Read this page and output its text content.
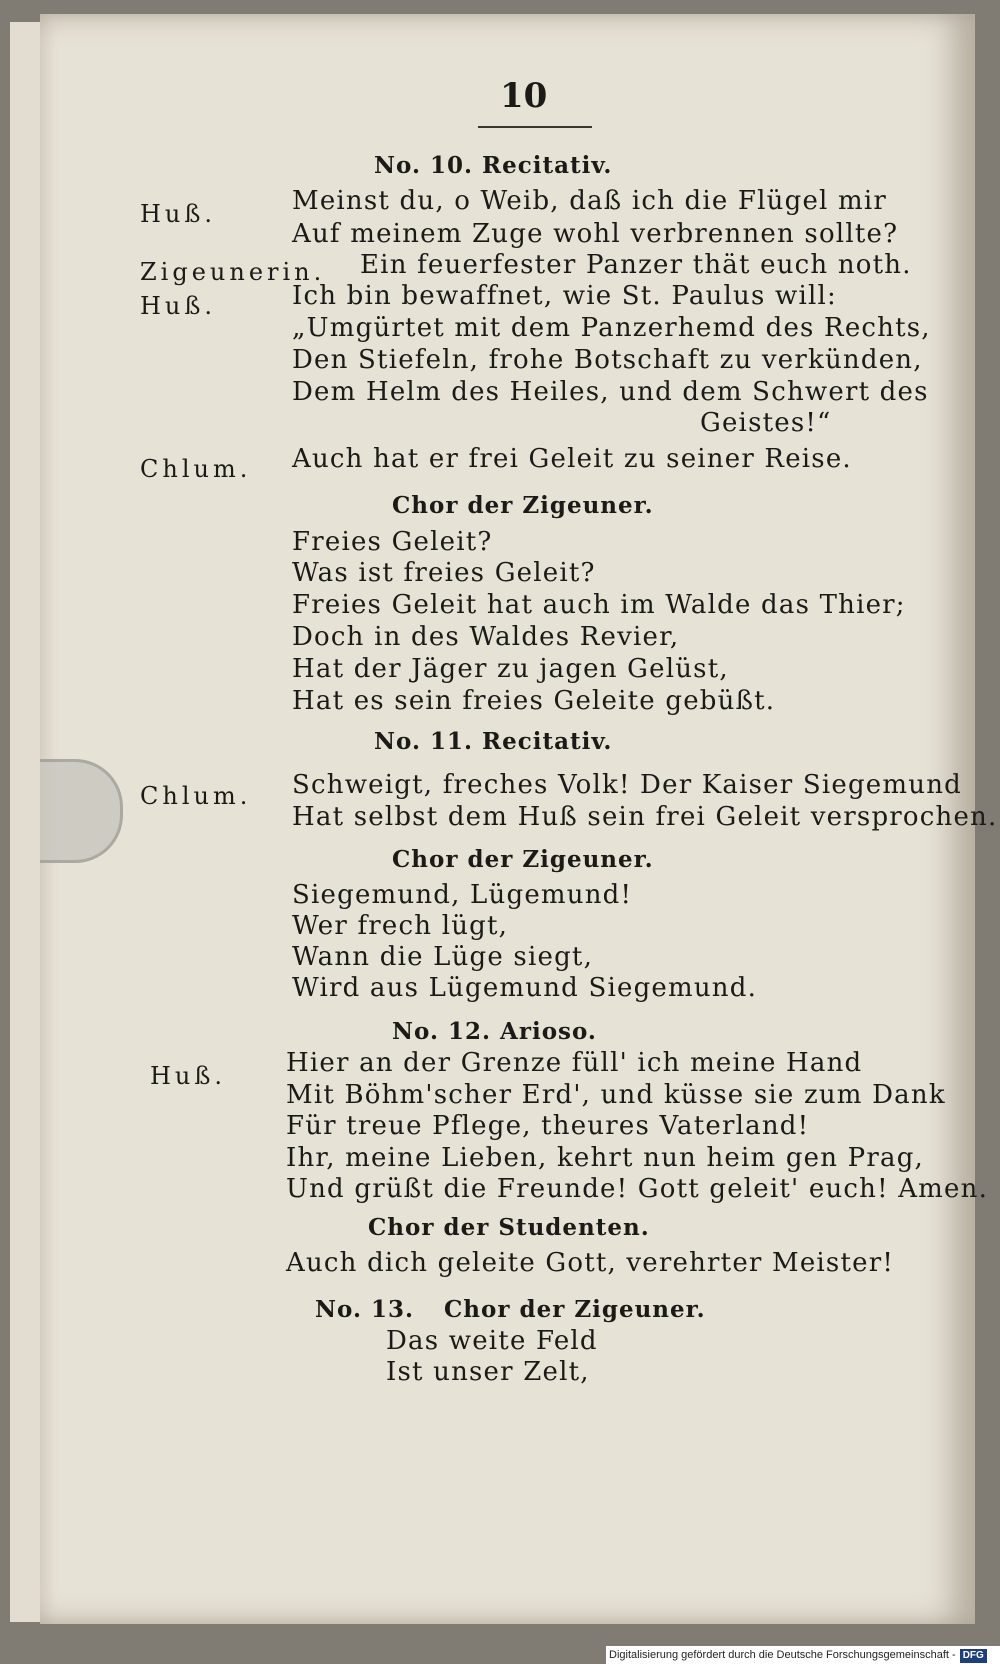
10
No. 10. Recitativ.
Huß.	Meinst du, o Weib, daß ich die Flügel mir
Auf meinem Zuge wohl verbrennen sollte?
Zigeunerin. Ein feuerfester Panzer thät euch noth.
Huß.	Ich bin bewaffnet, wie St. Paulus will:
„Umgürtet mit dem Panzerhemd des Rechts,
Den Stiefeln, frohe Botschaft zu verkünden,
Dem Helm des Heiles, und dem Schwert des
Geistes!“
Chlum. Auch hat er frei Geleit zu seiner Reise.
Chor der Zigeuner.
Freies Geleit?
Was ist freies Geleit?
Freies Geleit hat auch im Walde das Thier;
Doch in des Waldes Revier,
Hat der Jäger zu jagen Gelüst,
Hat es sein freies Geleite gebüßt.
No. 11. Recitativ.
Chlum. Schweigt, freches Volk! Der Kaiser Siegemund
Hat selbst dem Huß sein frei Geleit versprochen.
Chor der Zigeuner.
Siegemund, Lügemund!
Wer frech lügt,
Wann die Lüge siegt,
Wird aus Lügemund Siegemund.
No. 12. Arioso.
Huß. Hier an der Grenze füll' ich meine Hand
Mit Böhm'scher Erd', und küsse sie zum Dank
Für treue Pflege, theures Vaterland!
Ihr, meine Lieben, kehrt nun heim gen Prag,
Und grüßt die Freunde! Gott geleit' euch! Amen.
Chor der Studenten.
Auch dich geleite Gott, verehrter Meister!
No. 13. Chor der Zigeuner.
Das weite Feld
Ist unser Zelt,
Digitalisierung gefördert durch die Deutsche Forschungsgemeinschaft - DFG
